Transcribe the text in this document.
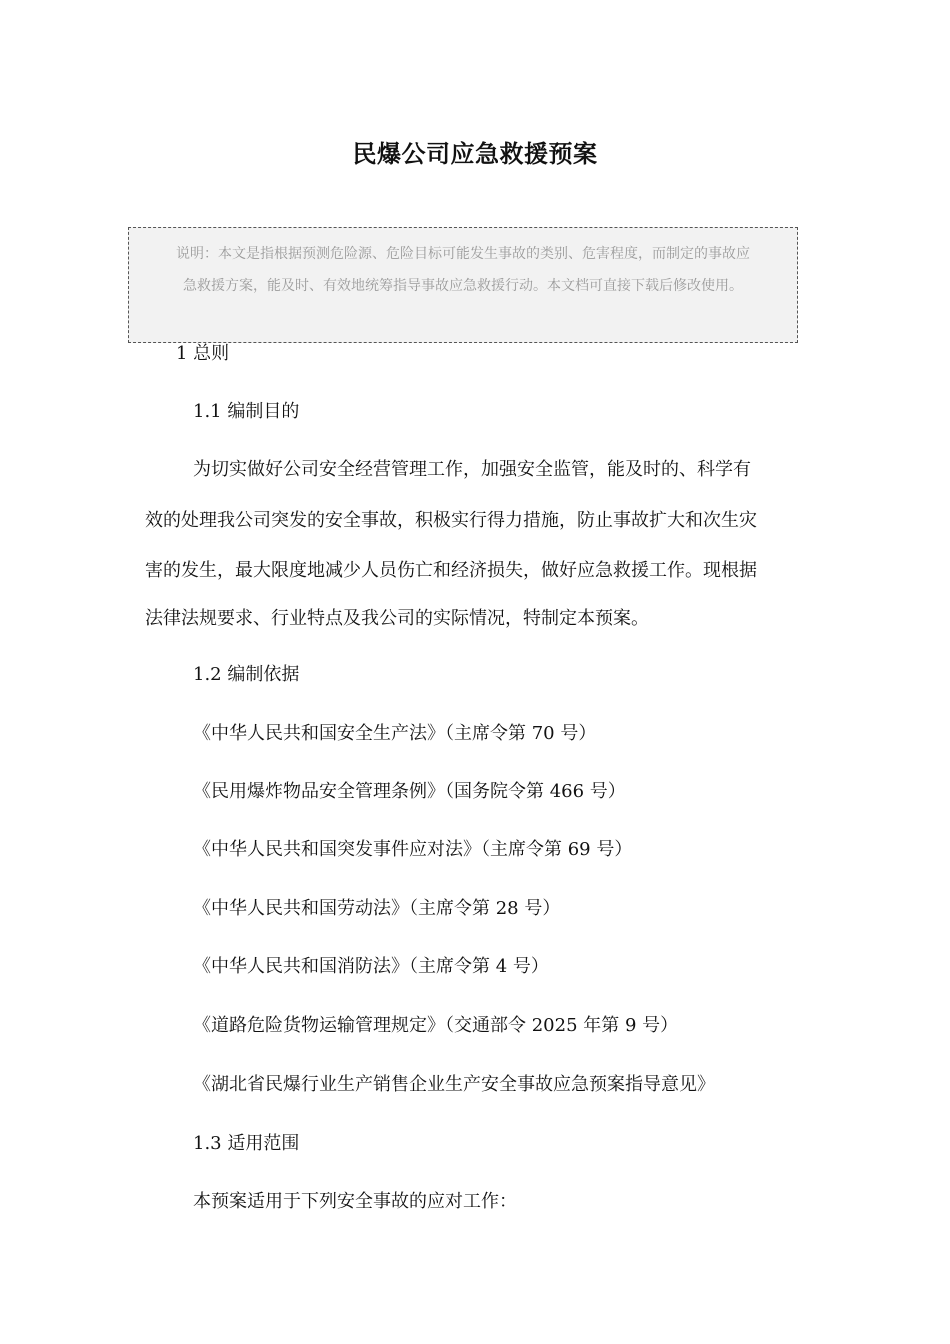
民爆公司应急救援预案

说明：本文是指根据预测危险源、危险目标可能发生事故的类别、危害程度，而制定的事故应

急救援方案，能及时、有效地统筹指导事故应急救援行动。本文档可直接下载后修改使用。

1 总则

1.1 编制目的

为切实做好公司安全经营管理工作，加强安全监管，能及时的、科学有

效的处理我公司突发的安全事故，积极实行得力措施，防止事故扩大和次生灾

害的发生，最大限度地减少人员伤亡和经济损失，做好应急救援工作。现根据

法律法规要求、行业特点及我公司的实际情况，特制定本预案。

1.2 编制依据

《中华人民共和国安全生产法》（主席令第 70 号）

《民用爆炸物品安全管理条例》（国务院令第 466 号）

《中华人民共和国突发事件应对法》（主席令第 69 号）

《中华人民共和国劳动法》（主席令第 28 号）

《中华人民共和国消防法》（主席令第 4 号）

《道路危险货物运输管理规定》（交通部令 2025 年第 9 号）

《湖北省民爆行业生产销售企业生产安全事故应急预案指导意见》

1.3 适用范围

本预案适用于下列安全事故的应对工作：
